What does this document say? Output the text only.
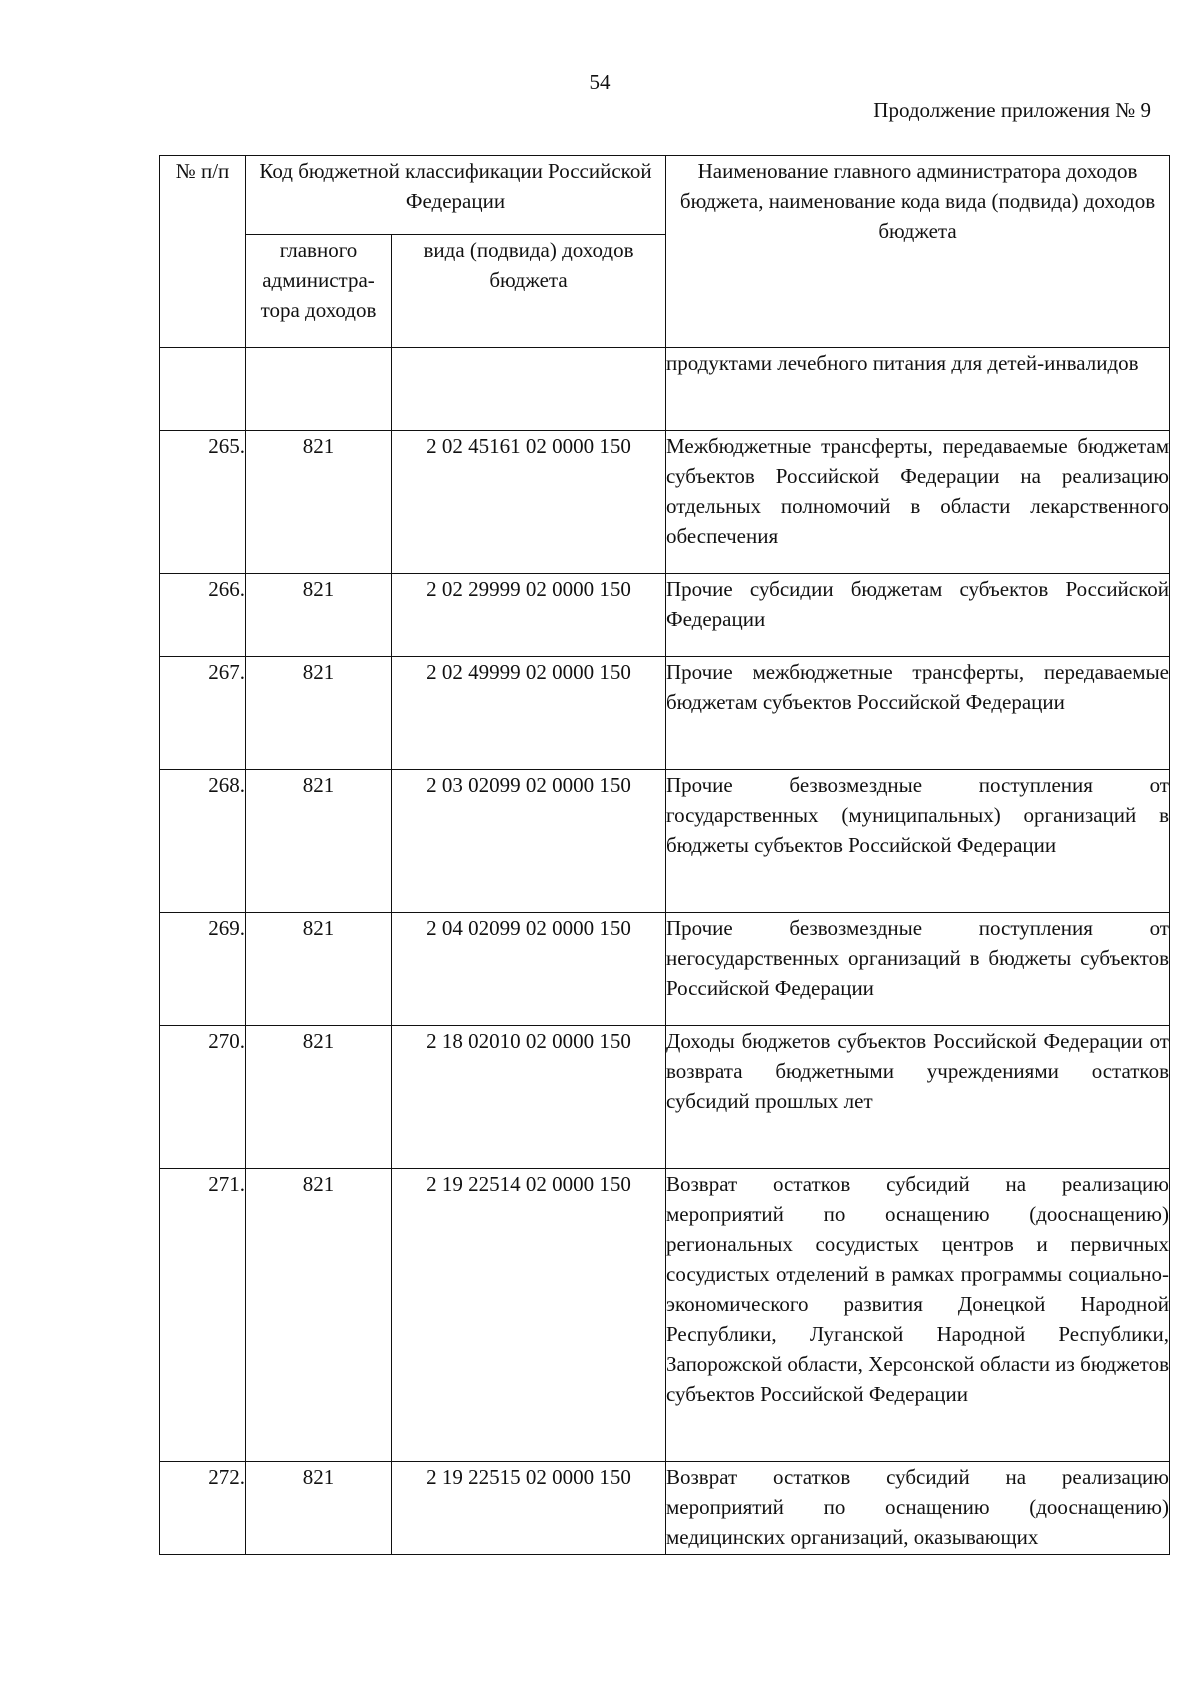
54
Продолжение приложения № 9
№ п/п	Код бюджетной классификации Российской Федерации		Наименование главного администратора доходов бюджета, наименование кода вида (подвида) доходов бюджета
	главного администра-тора доходов	вида (подвида) доходов бюджета	
			продуктами лечебного питания для детей-инвалидов
265.	821	2 02 45161 02 0000 150	Межбюджетные трансферты, передаваемые бюджетам субъектов Российской Федерации на реализацию отдельных полномочий в области лекарственного обеспечения
266.	821	2 02 29999 02 0000 150	Прочие субсидии бюджетам субъектов Российской Федерации
267.	821	2 02 49999 02 0000 150	Прочие межбюджетные трансферты, передаваемые бюджетам субъектов Российской Федерации
268.	821	2 03 02099 02 0000 150	Прочие безвозмездные поступления от государственных (муниципальных) организаций в бюджеты субъектов Российской Федерации
269.	821	2 04 02099 02 0000 150	Прочие безвозмездные поступления от негосударственных организаций в бюджеты субъектов Российской Федерации
270.	821	2 18 02010 02 0000 150	Доходы бюджетов субъектов Российской Федерации от возврата бюджетными учреждениями остатков субсидий прошлых лет
271.	821	2 19 22514 02 0000 150	Возврат остатков субсидий на реализацию мероприятий по оснащению (дооснащению) региональных сосудистых центров и первичных сосудистых отделений в рамках программы социально-экономического развития Донецкой Народной Республики, Луганской Народной Республики, Запорожской области, Херсонской области из бюджетов субъектов Российской Федерации
272.	821	2 19 22515 02 0000 150	Возврат остатков субсидий на реализацию мероприятий по оснащению (дооснащению) медицинских организаций, оказывающих
